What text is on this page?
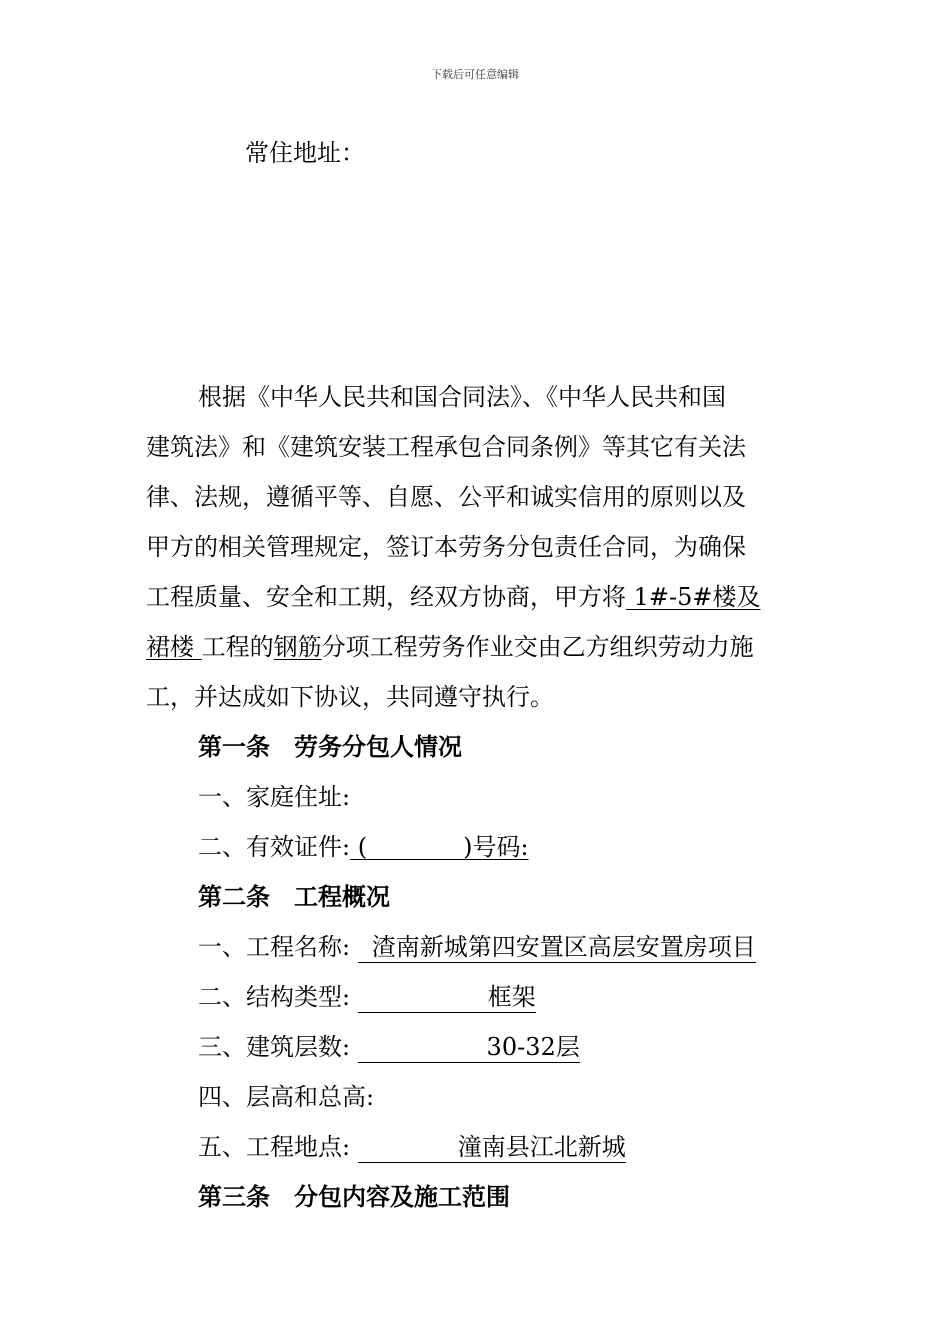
下载后可任意编辑
常住地址：
根据《中华人民共和国合同法》、《中华人民共和国
建筑法》和《建筑安装工程承包合同条例》等其它有关法
律、法规，遵循平等、自愿、公平和诚实信用的原则以及
甲方的相关管理规定，签订本劳务分包责任合同，为确保
工程质量、安全和工期，经双方协商，甲方将 1#-5#楼及
裙楼 工程的钢筋分项工程劳务作业交由乙方组织劳动力施
工，并达成如下协议，共同遵守执行。
第一条　劳务分包人情况
一、家庭住址:
二、有效证件: (　　　　)号码:
第二条　工程概况
一、工程名称: 渣南新城第四安置区高层安置房项目
二、结构类型:	框架
三、建筑层数:	30-32层
四、层高和总高:
五、工程地点:	潼南县江北新城
第三条　分包内容及施工范围
